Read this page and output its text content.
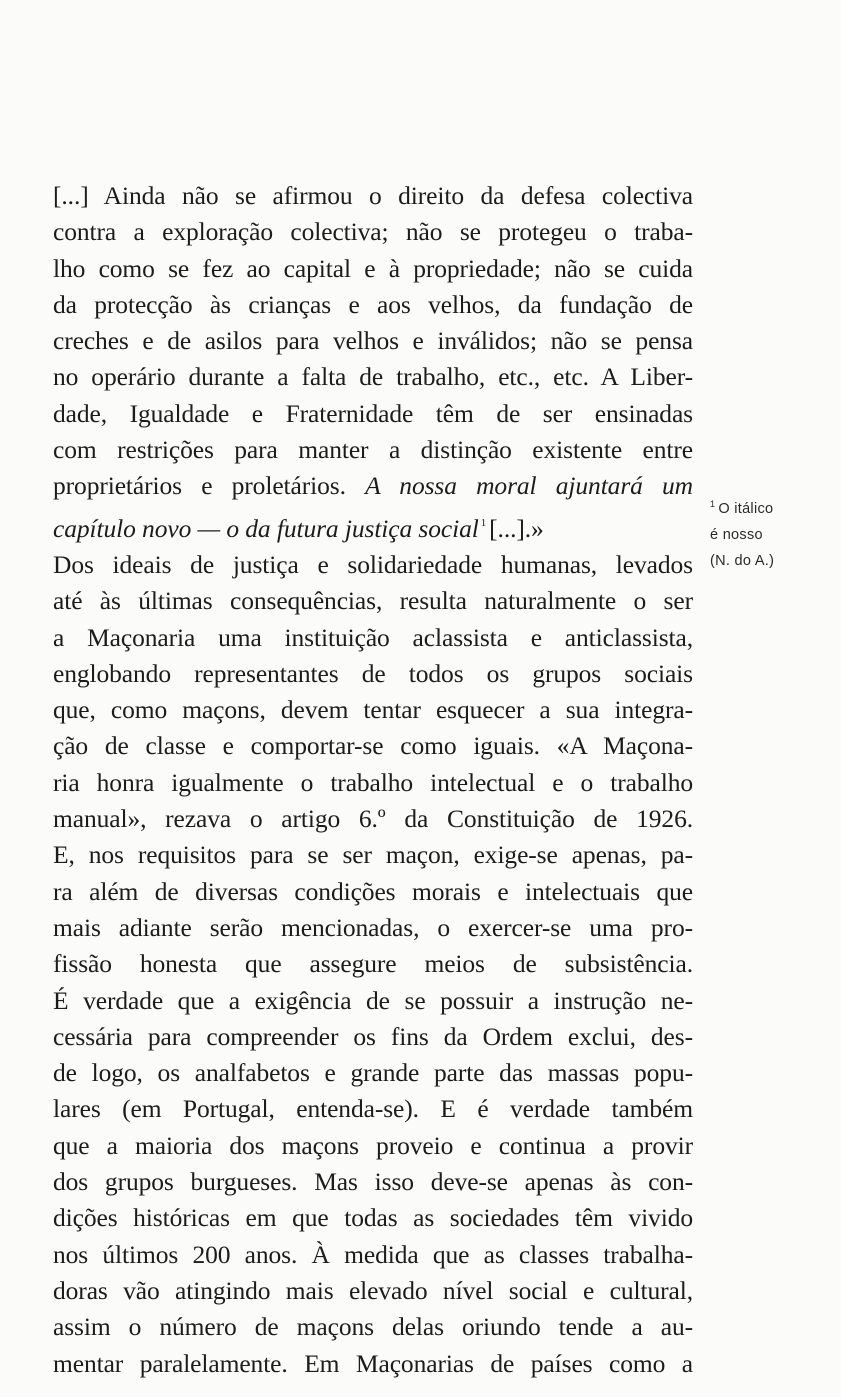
[...] Ainda não se afirmou o direito da defesa colectiva
contra a exploração colectiva; não se protegeu o traba-
lho como se fez ao capital e à propriedade; não se cuida
da protecção às crianças e aos velhos, da fundação de
creches e de asilos para velhos e inválidos; não se pensa
no operário durante a falta de trabalho, etc., etc. A Liber-
dade, Igualdade e Fraternidade têm de ser ensinadas
com restrições para manter a distinção existente entre
proprietários e proletários. A nossa moral ajuntará um
capítulo novo — o da futura justiça social $^1$ [...].»
Dos ideais de justiça e solidariedade humanas, levados
até às últimas consequências, resulta naturalmente o ser
a Maçonaria uma instituição aclassista e anticlassista,
englobando representantes de todos os grupos sociais
que, como maçons, devem tentar esquecer a sua integra-
ção de classe e comportar-se como iguais. «A Maçona-
ria honra igualmente o trabalho intelectual e o trabalho
manual», rezava o artigo 6.º da Constituição de 1926.
E, nos requisitos para se ser maçon, exige-se apenas, pa-
ra além de diversas condições morais e intelectuais que
mais adiante serão mencionadas, o exercer-se uma pro-
fissão honesta que assegure meios de subsistência.
É verdade que a exigência de se possuir a instrução ne-
cessária para compreender os fins da Ordem exclui, des-
de logo, os analfabetos e grande parte das massas popu-
lares (em Portugal, entenda-se). E é verdade também
que a maioria dos maçons proveio e continua a provir
dos grupos burgueses. Mas isso deve-se apenas às con-
dições históricas em que todas as sociedades têm vivido
nos últimos 200 anos. À medida que as classes trabalha-
doras vão atingindo mais elevado nível social e cultural,
assim o número de maçons delas oriundo tende a au-
mentar paralelamente. Em Maçonarias de países como a
$^1$ O itálico
é nosso
(N. do A.)
